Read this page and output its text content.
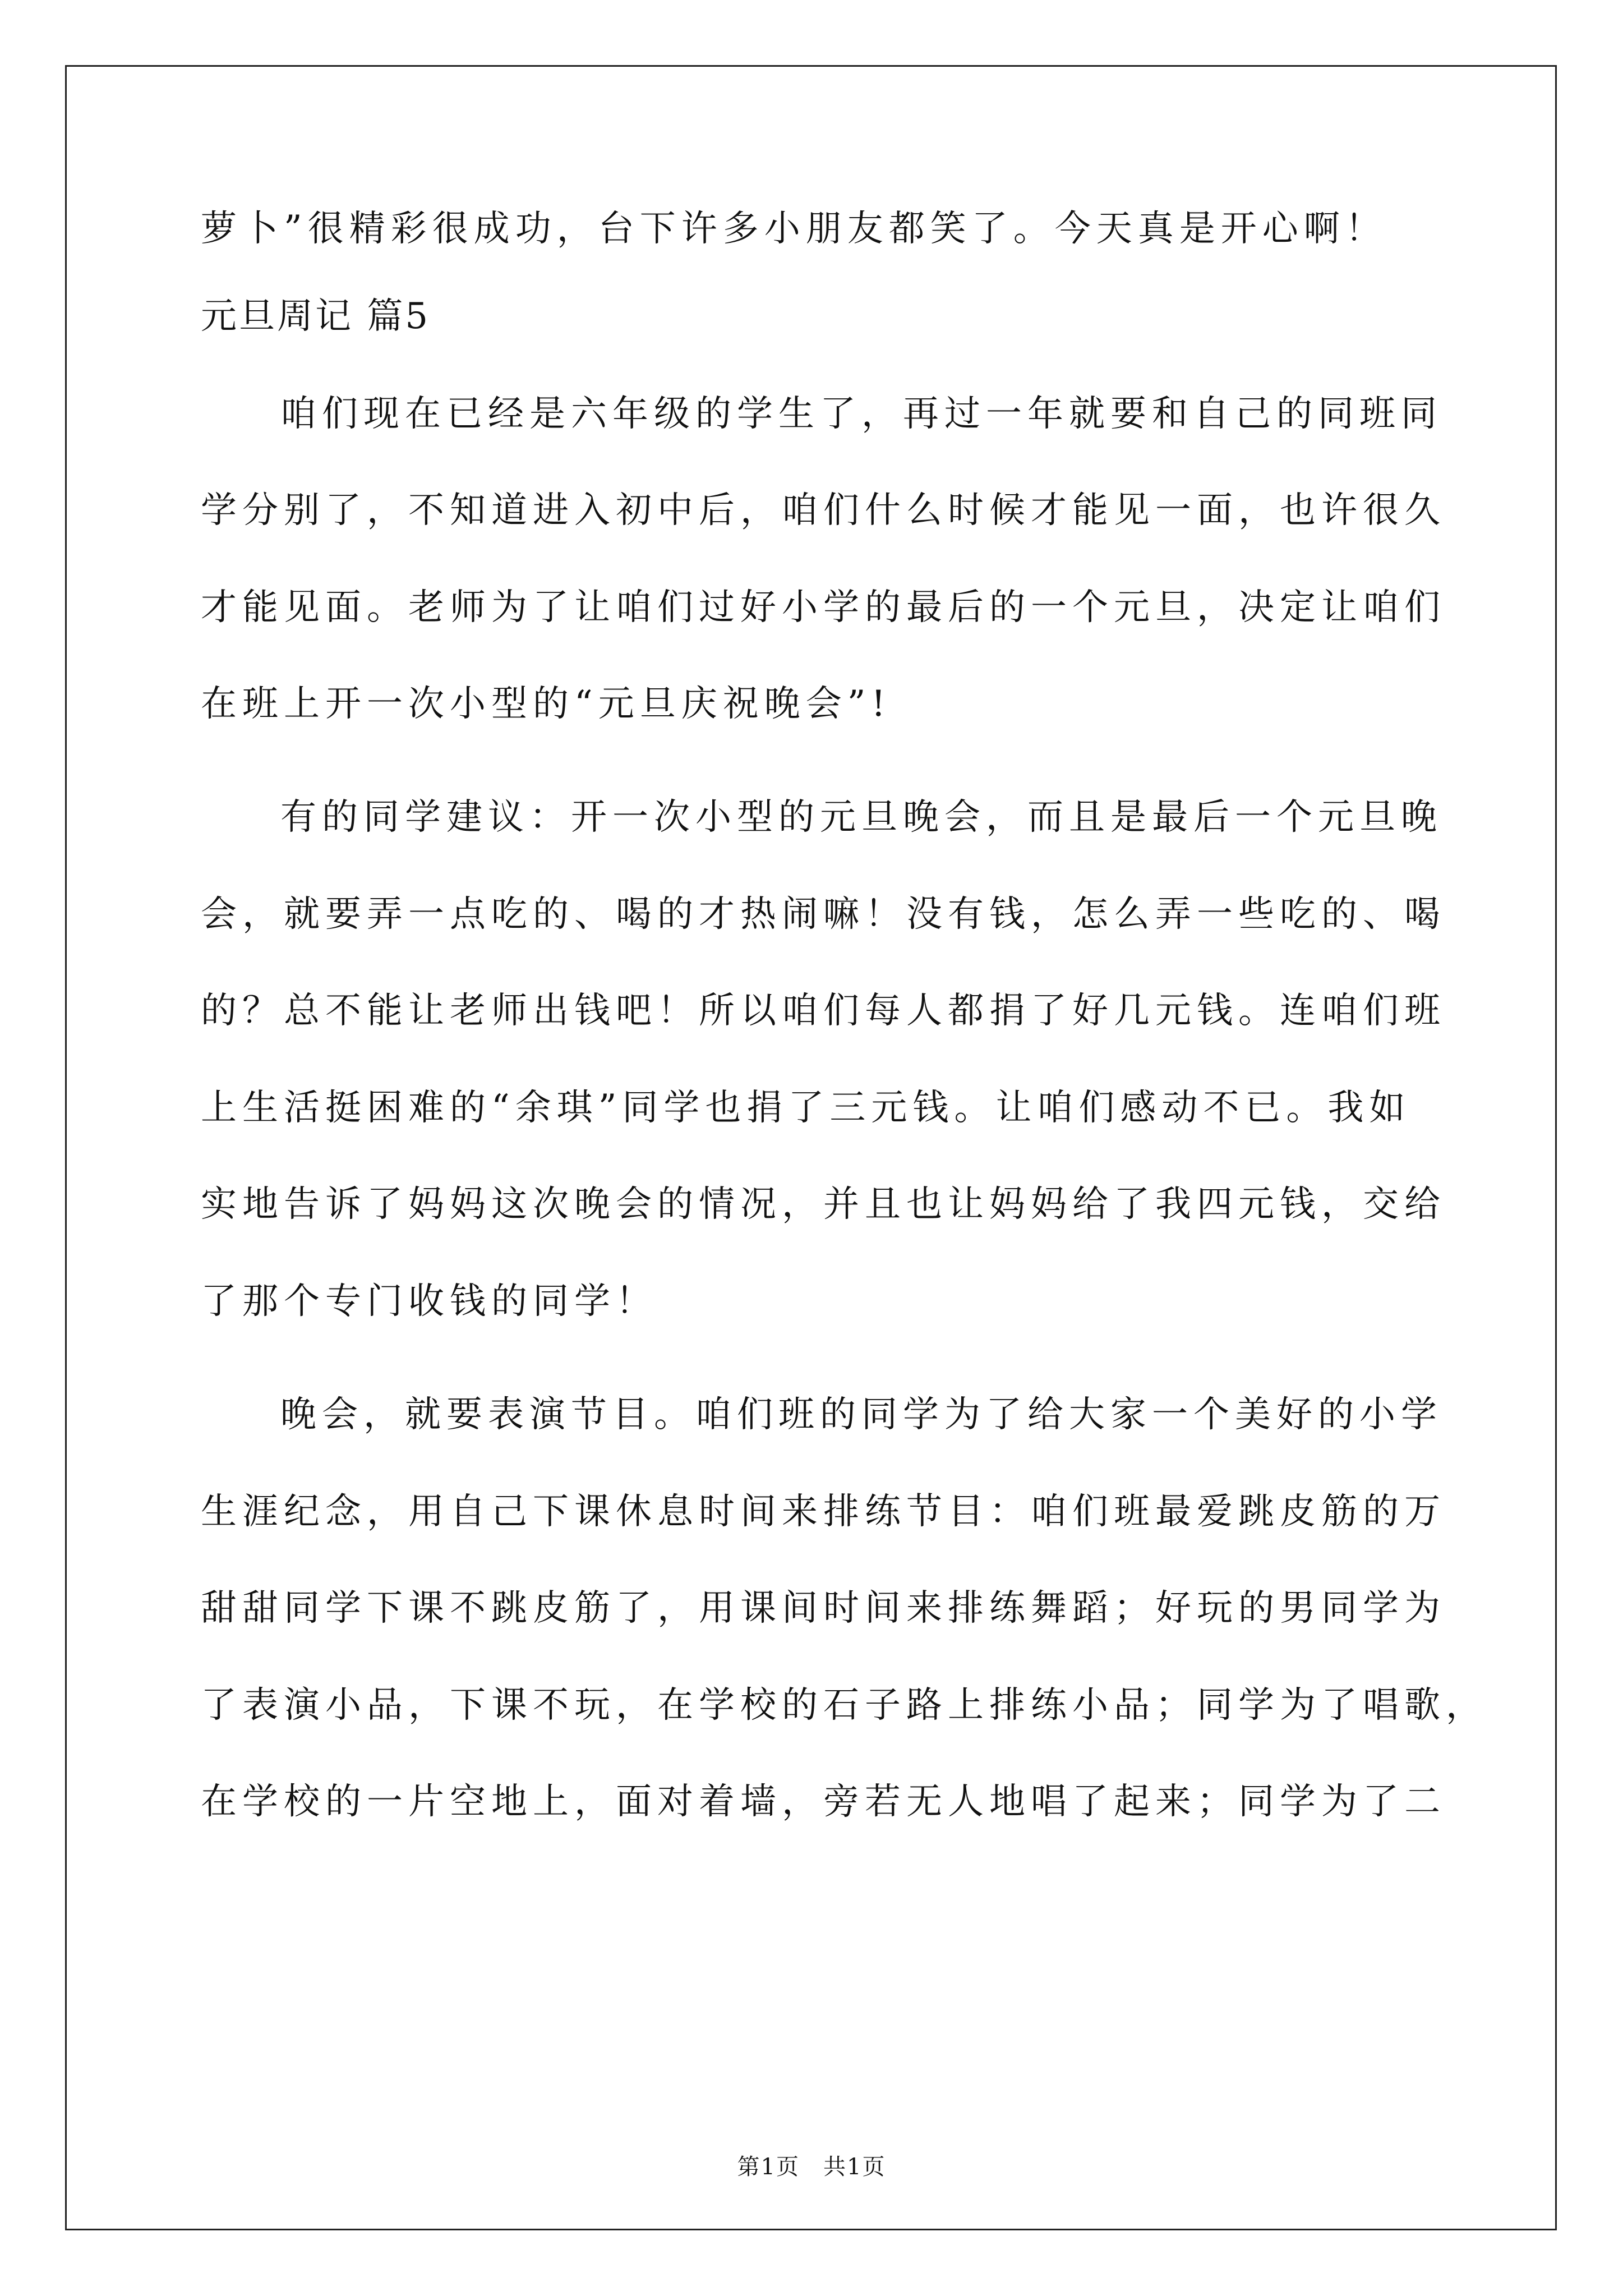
萝卜”很精彩很成功，台下许多小朋友都笑了。今天真是开心啊！
元旦周记 篇5
咱们现在已经是六年级的学生了，再过一年就要和自己的同班同
学分别了，不知道进入初中后，咱们什么时候才能见一面，也许很久
才能见面。老师为了让咱们过好小学的最后的一个元旦，决定让咱们
在班上开一次小型的“元旦庆祝晚会”!
有的同学建议：开一次小型的元旦晚会，而且是最后一个元旦晚
会，就要弄一点吃的、喝的才热闹嘛！没有钱，怎么弄一些吃的、喝
的？总不能让老师出钱吧！所以咱们每人都捐了好几元钱。连咱们班
上生活挺困难的“余琪”同学也捐了三元钱。让咱们感动不已。我如
实地告诉了妈妈这次晚会的情况，并且也让妈妈给了我四元钱，交给
了那个专门收钱的同学！
晚会，就要表演节目。咱们班的同学为了给大家一个美好的小学
生涯纪念，用自己下课休息时间来排练节目：咱们班最爱跳皮筋的万
甜甜同学下课不跳皮筋了，用课间时间来排练舞蹈；好玩的男同学为
了表演小品，下课不玩，在学校的石子路上排练小品；同学为了唱歌，
在学校的一片空地上，面对着墙，旁若无人地唱了起来；同学为了二
第1页　共1页
